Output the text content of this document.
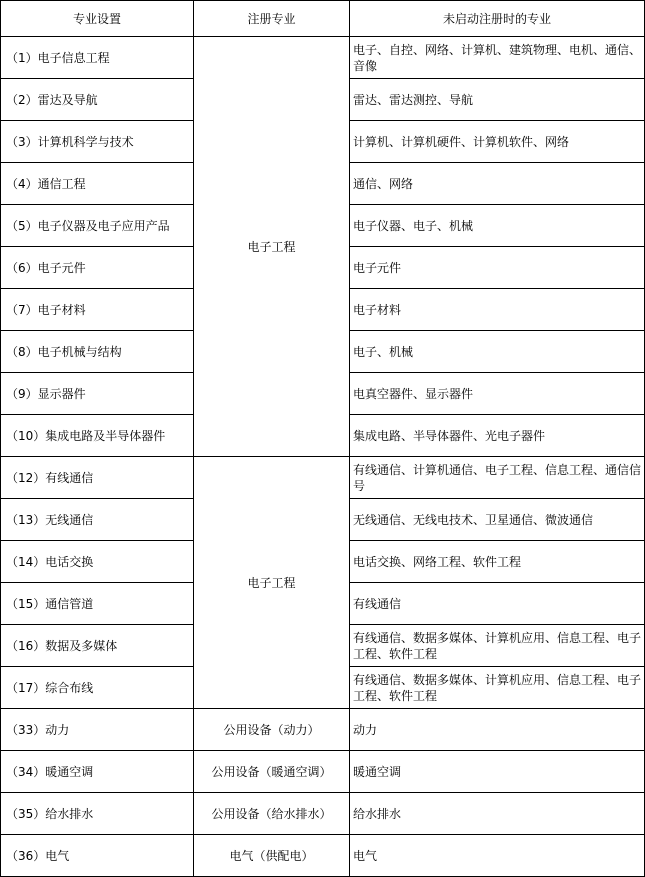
专业设置	注册专业	未启动注册时的专业
（1）电子信息工程	电子工程	电子、自控、网络、计算机、建筑物理、电机、通信、音像
（2）雷达及导航		雷达、雷达测控、导航
（3）计算机科学与技术		计算机、计算机硬件、计算机软件、网络
（4）通信工程		通信、网络
（5）电子仪器及电子应用产品		电子仪器、电子、机械
（6）电子元件		电子元件
（7）电子材料		电子材料
（8）电子机械与结构		电子、机械
（9）显示器件		电真空器件、显示器件
（10）集成电路及半导体器件		集成电路、半导体器件、光电子器件
（12）有线通信	电子工程	有线通信、计算机通信、电子工程、信息工程、通信信号
（13）无线通信		无线通信、无线电技术、卫星通信、微波通信
（14）电话交换		电话交换、网络工程、软件工程
（15）通信管道		有线通信
（16）数据及多媒体		有线通信、数据多媒体、计算机应用、信息工程、电子工程、软件工程
（17）综合布线		有线通信、数据多媒体、计算机应用、信息工程、电子工程、软件工程
（33）动力	公用设备（动力）	动力
（34）暖通空调	公用设备（暖通空调）	暖通空调
（35）给水排水	公用设备（给水排水）	给水排水
（36）电气	电气（供配电）	电气
